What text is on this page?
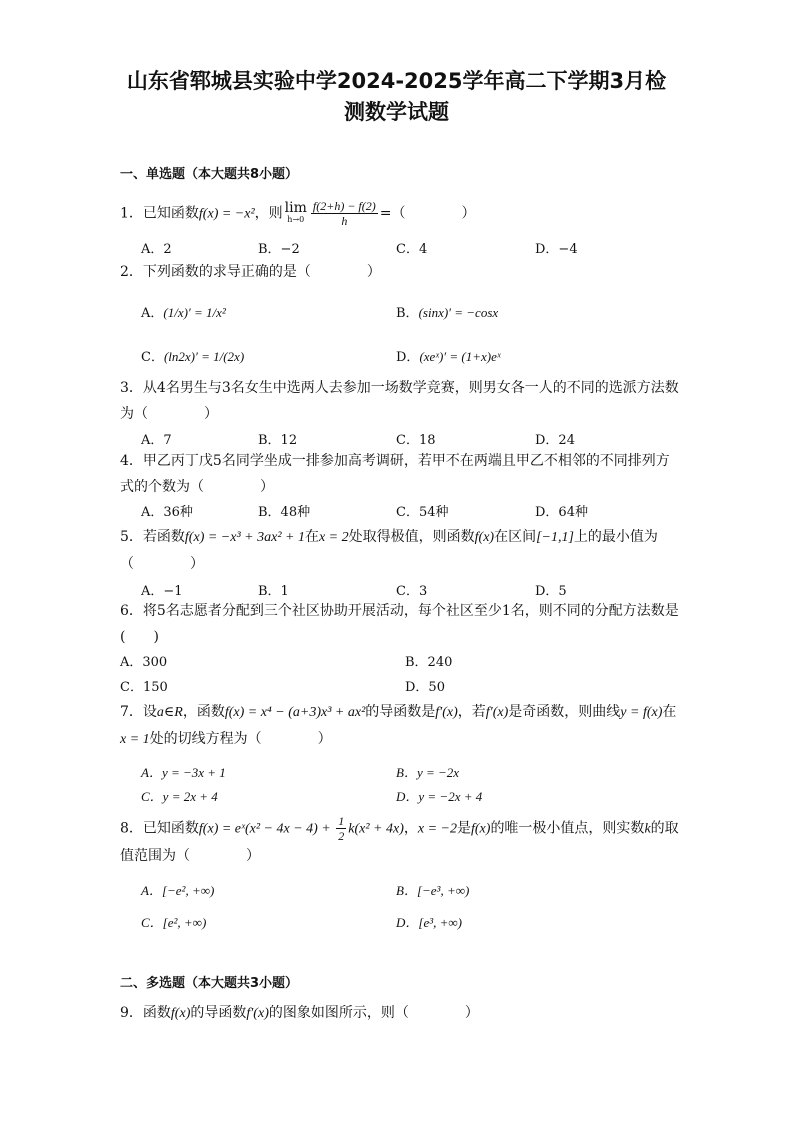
山东省郓城县实验中学2024-2025学年高二下学期3月检
测数学试题
一、单选题（本大题共8小题）
1．已知函数f(x) = −x²，则 lim
$h\to 0 \frac{f(2+h) - f(2)}{h}$ =（　　　　）
A．2	B．−2	C．4	D．−4
2．下列函数的求导正确的是（　　　　）
A．(1/x)′ = 1/x²	B．(sinx)′ = −cosx
C．(ln2x)′ = 1/(2x)	D．(xeˣ)′ = (1+x)eˣ
3．从4名男生与3名女生中选两人去参加一场数学竞赛，则男女各一人的不同的选派方法数为（　　　　）
A．7	B．12	C．18	D．24
4．甲乙丙丁戊5名同学坐成一排参加高考调研，若甲不在两端且甲乙不相邻的不同排列方式的个数为（　　　　）
A．36种	B．48种	C．54种	D．64种
5．若函数f(x) = −x³ + 3ax² + 1在x = 2处取得极值，则函数f(x)在区间[−1,1]上的最小值为（　　　　）
A．−1	B．1	C．3	D．5
6．将5名志愿者分配到三个社区协助开展活动，每个社区至少1名，则不同的分配方法数是(　　)
A．300	B．240
C．150	D．50
7．设a∈R，函数f(x) = x⁴ − (a+3)x³ + ax²的导函数是f′(x)，若f′(x)是奇函数，则曲线y = f(x)在x = 1处的切线方程为（　　　　）
A．y = −3x + 1	B．y = −2x
C．y = 2x + 4	D．y = −2x + 4
8．已知函数f(x) = eˣ(x² − $4x - 4) + \frac{1}{2} k(x^2 + 4x)$，x = −2是f(x)的唯一极小值点，则实数k的取值范围为（　　　　）
A．[−e², +∞)	B．[−e³, +∞)
C．[e², +∞)	D．[e³, +∞)
二、多选题（本大题共3小题）
9．函数f(x)的导函数f′(x)的图象如图所示，则（　　　　）
